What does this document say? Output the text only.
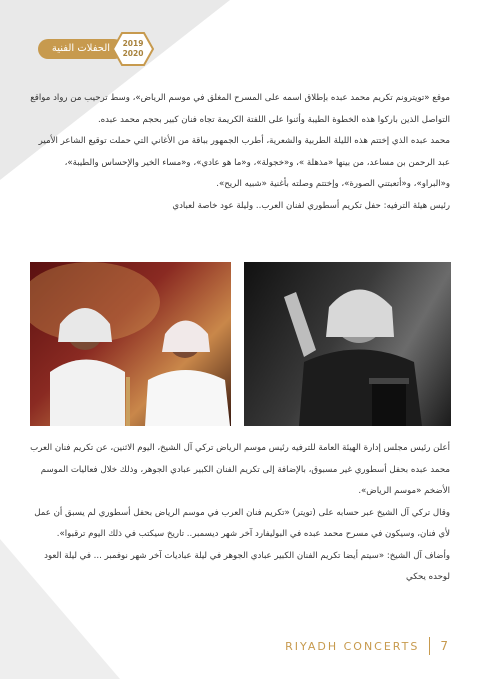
الحفلات الفنية	2019
2020

موقع «تويترونم تكريم محمد عبده بإطلاق اسمه على المسرح المغلق في موسم الرياض»، وسط ترحيب من رواد مواقع التواصل الذين باركوا هذه الخطوة الطيبة وأثنوا على اللفتة الكريمة تجاه فنان كبير بحجم محمد عبده.

محمد عبده الذي إختتم هذه الليلة الطربية والشعرية، أطرب الجمهور بباقة من الأغاني التي حملت توقيع الشاعر الأمير عبد الرحمن بن مساعد، من بينها «مذهلة »، و«خجولة»، و«ما هو عادي»، و«مساء الخير والإحساس والطيبة»، و«البراو»، و«أتعبتني الصورة»، وإختتم وصلته بأغنية «شبيه الريح».

رئيس هيئة الترفيه: حفل تكريم أسطوري لفنان العرب.. وليلة عود خاصة لعبادي

أعلن رئيس مجلس إدارة الهيئة العامة للترفيه رئيس موسم الرياض تركي آل الشيخ، اليوم الاثنين، عن تكريم فنان العرب محمد عبده بحفل أسطوري غير مسبوق، بالإضافة إلى تكريم الفنان الكبير عبادي الجوهر، وذلك خلال فعاليات الموسم الأضخم «موسم الرياض».

وقال تركي آل الشيخ عبر حسابه على (تويتر) «تكريم فنان العرب في موسم الرياض بحفل أسطوري لم يسبق أن عمل لأي فنان، وسيكون في مسرح محمد عبده في البوليفارد آخر شهر ديسمبر.. تاريخ سيكتب في ذلك اليوم ترقبوا».

وأضاف آل الشيخ: «سيتم أيضا تكريم الفنان الكبير عبادي الجوهر في ليلة عباديات آخر شهر نوفمبر ... في ليلة العود لوحده يحكي

RIYADH CONCERTS 7
